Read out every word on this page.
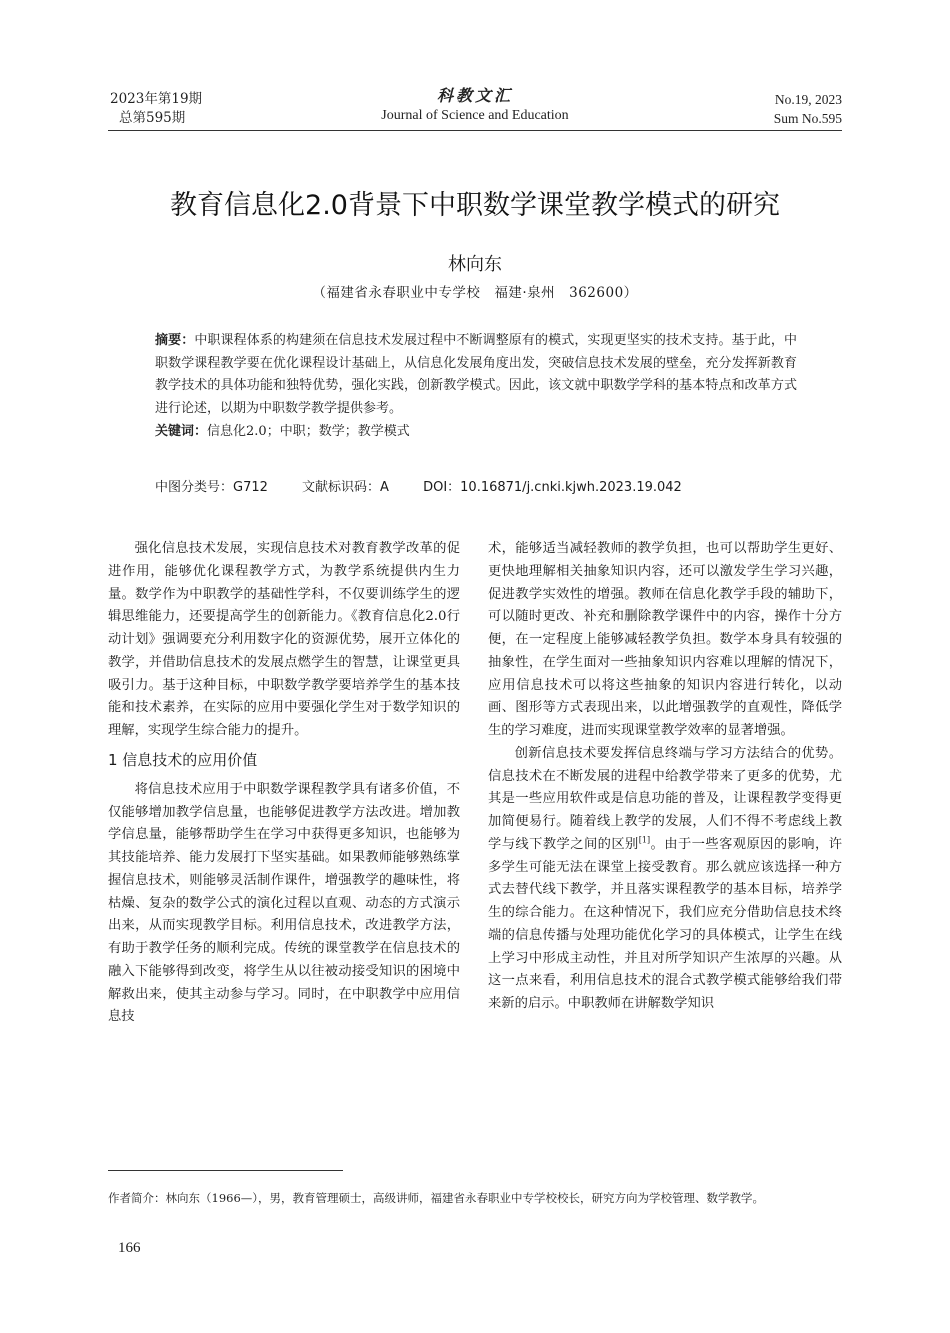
2023年第19期
总第595期
科教文汇
Journal of Science and Education
No.19, 2023
Sum No.595
教育信息化2.0背景下中职数学课堂教学模式的研究
林向东
（福建省永春职业中专学校　福建·泉州　362600）

摘要：中职课程体系的构建须在信息技术发展过程中不断调整原有的模式，实现更坚实的技术支持。基于此，中职数学课程教学要在优化课程设计基础上，从信息化发展角度出发，突破信息技术发展的壁垒，充分发挥新教育教学技术的具体功能和独特优势，强化实践，创新教学模式。因此，该文就中职数学学科的基本特点和改革方式进行论述，以期为中职数学教学提供参考。

关键词：信息化2.0；中职；数学；教学模式

中图分类号：G712	文献标识码：A	DOI：10.16871/j.cnki.kjwh.2023.19.042

强化信息技术发展，实现信息技术对教育教学改革的促进作用，能够优化课程教学方式，为教学系统提供内生力量。数学作为中职教学的基础性学科，不仅要训练学生的逻辑思维能力，还要提高学生的创新能力。《教育信息化2.0行动计划》强调要充分利用数字化的资源优势，展开立体化的教学，并借助信息技术的发展点燃学生的智慧，让课堂更具吸引力。基于这种目标，中职数学教学要培养学生的基本技能和技术素养，在实际的应用中要强化学生对于数学知识的理解，实现学生综合能力的提升。

1 信息技术的应用价值

将信息技术应用于中职数学课程教学具有诸多价值，不仅能够增加教学信息量，也能够促进教学方法改进。增加教学信息量，能够帮助学生在学习中获得更多知识，也能够为其技能培养、能力发展打下坚实基础。如果教师能够熟练掌握信息技术，则能够灵活制作课件，增强教学的趣味性，将枯燥、复杂的数学公式的演化过程以直观、动态的方式演示出来，从而实现教学目标。利用信息技术，改进教学方法，有助于教学任务的顺利完成。传统的课堂教学在信息技术的融入下能够得到改变，将学生从以往被动接受知识的困境中解救出来，使其主动参与学习。同时，在中职教学中应用信息技

术，能够适当减轻教师的教学负担，也可以帮助学生更好、更快地理解相关抽象知识内容，还可以激发学生学习兴趣，促进教学实效性的增强。教师在信息化教学手段的辅助下，可以随时更改、补充和删除教学课件中的内容，操作十分方便，在一定程度上能够减轻教学负担。数学本身具有较强的抽象性，在学生面对一些抽象知识内容难以理解的情况下，应用信息技术可以将这些抽象的知识内容进行转化，以动画、图形等方式表现出来，以此增强教学的直观性，降低学生的学习难度，进而实现课堂教学效率的显著增强。

创新信息技术要发挥信息终端与学习方法结合的优势。信息技术在不断发展的进程中给教学带来了更多的优势，尤其是一些应用软件或是信息功能的普及，让课程教学变得更加简便易行。随着线上教学的发展，人们不得不考虑线上教学与线下教学之间的区别[1]。由于一些客观原因的影响，许多学生可能无法在课堂上接受教育。那么就应该选择一种方式去替代线下教学，并且落实课程教学的基本目标，培养学生的综合能力。在这种情况下，我们应充分借助信息技术终端的信息传播与处理功能优化学习的具体模式，让学生在线上学习中形成主动性，并且对所学知识产生浓厚的兴趣。从这一点来看，利用信息技术的混合式教学模式能够给我们带来新的启示。中职教师在讲解数学知识

作者简介：林向东（1966—），男，教育管理硕士，高级讲师，福建省永春职业中专学校校长，研究方向为学校管理、数学教学。
166
